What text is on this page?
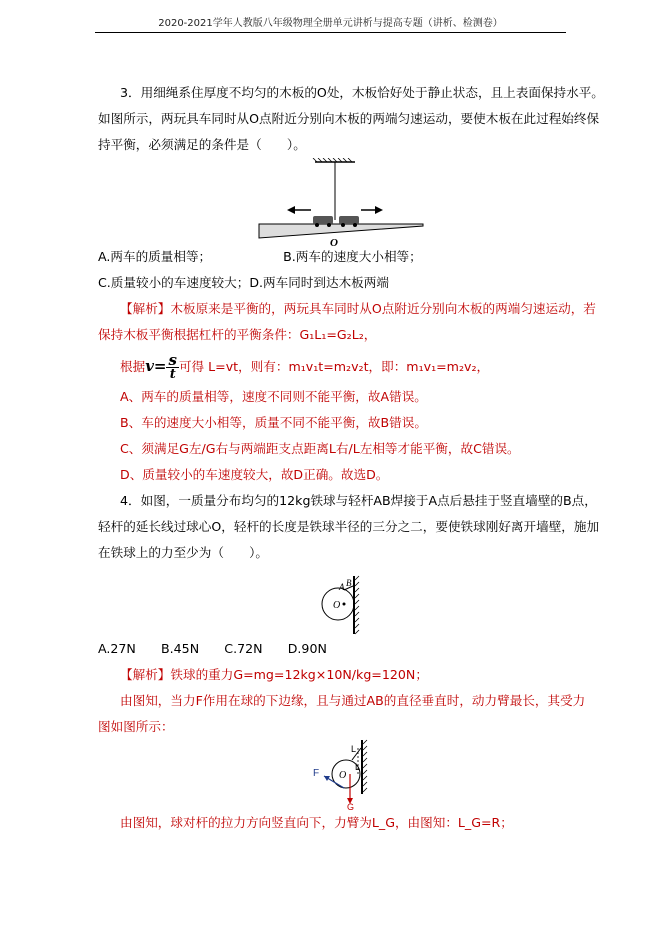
2020-2021学年人教版八年级物理全册单元讲析与提高专题（讲析、检测卷）
3．用细绳系住厚度不均匀的木板的O处，木板恰好处于静止状态，且上表面保持水平。
如图所示，两玩具车同时从O点附近分别向木板的两端匀速运动，要使木板在此过程始终保
持平衡，必须满足的条件是（　　）。
O
A.两车的质量相等；	B.两车的速度大小相等；
C.质量较小的车速度较大；D.两车同时到达木板两端
【解析】木板原来是平衡的，两玩具车同时从O点附近分别向木板的两端匀速运动，若
保持木板平衡根据杠杆的平衡条件：G₁L₁=G₂L₂，
根据$v= \frac{s}{t}$ 可得 L=vt，则有：m₁v₁t=m₂v₂t，即：m₁v₁=m₂v₂，
A、两车的质量相等，速度不同则不能平衡，故A错误。
B、车的速度大小相等，质量不同不能平衡，故B错误。
C、须满足G左/G右与两端距支点距离L右/L左相等才能平衡，故C错误。
D、质量较小的车速度较大，故D正确。故选D。
4．如图，一质量分布均匀的12kg铁球与轻杆AB焊接于A点后悬挂于竖直墙壁的B点，
轻杆的延长线过球心O，轻杆的长度是铁球半径的三分之二，要使铁球刚好离开墙壁，施加
在铁球上的力至少为（　　）。
A B
O
A.27N　　B.45N　　C.72N　　D.90N
【解析】铁球的重力G=mg=12kg×10N/kg=120N；
由图知，当力F作用在球的下边缘，且与通过AB的直径垂直时，动力臂最长，其受力
图如图所示：
F O
G
L
L
由图知，球对杆的拉力方向竖直向下，力臂为L_G，由图知：L_G=R；
